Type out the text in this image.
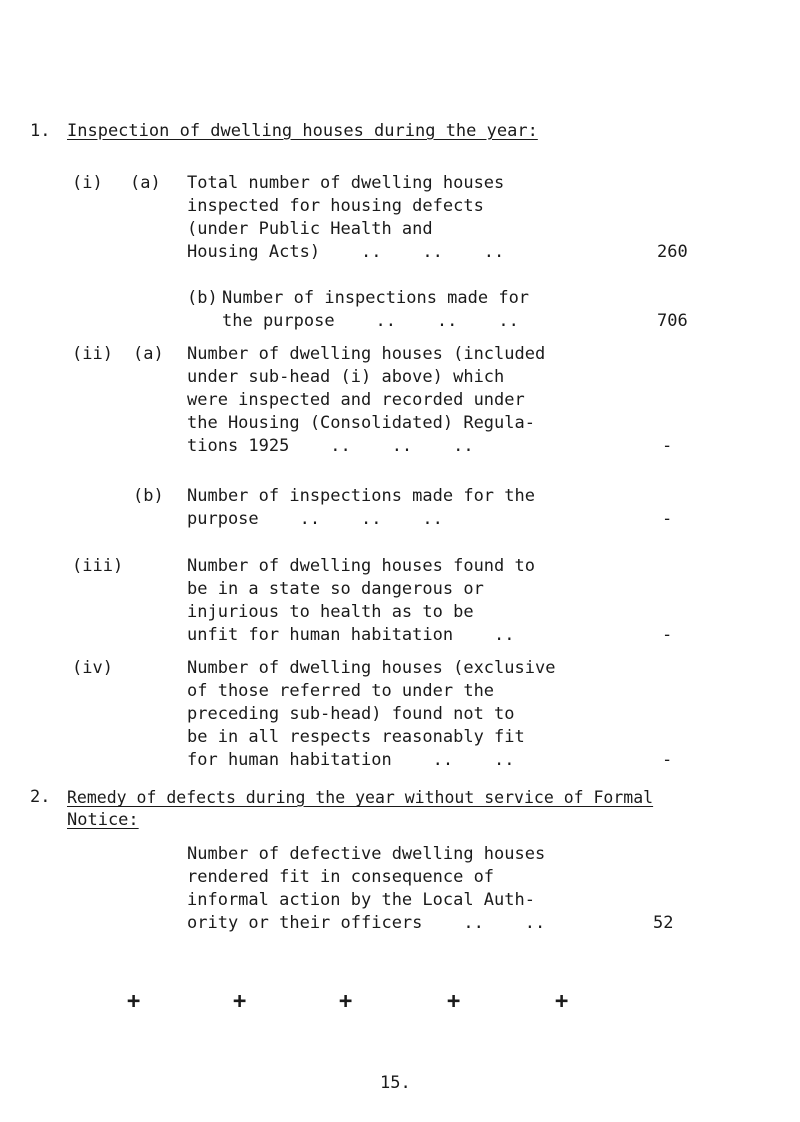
1. Inspection of dwelling houses during the year:
(i) (a) Total number of dwelling houses
inspected for housing defects
(under Public Health and
Housing Acts)    ..    ..    ..	260
(b) Number of inspections made for
the purpose    ..    ..    ..	706
(ii) (a) Number of dwelling houses (included
under sub-head (i) above) which
were inspected and recorded under
the Housing (Consolidated) Regula-
tions 1925    ..    ..    ..	-
(b) Number of inspections made for the
purpose    ..    ..    ..	-
(iii)	Number of dwelling houses found to
be in a state so dangerous or
injurious to health as to be
unfit for human habitation    ..	-
(iv)	Number of dwelling houses (exclusive
of those referred to under the
preceding sub-head) found not to
be in all respects reasonably fit
for human habitation    ..    ..	-
2. Remedy of defects during the year without service of Formal
Notice:
Number of defective dwelling houses
rendered fit in consequence of
informal action by the Local Auth-
ority or their officers    ..    ..	52
+	+	+	+	+
15.
